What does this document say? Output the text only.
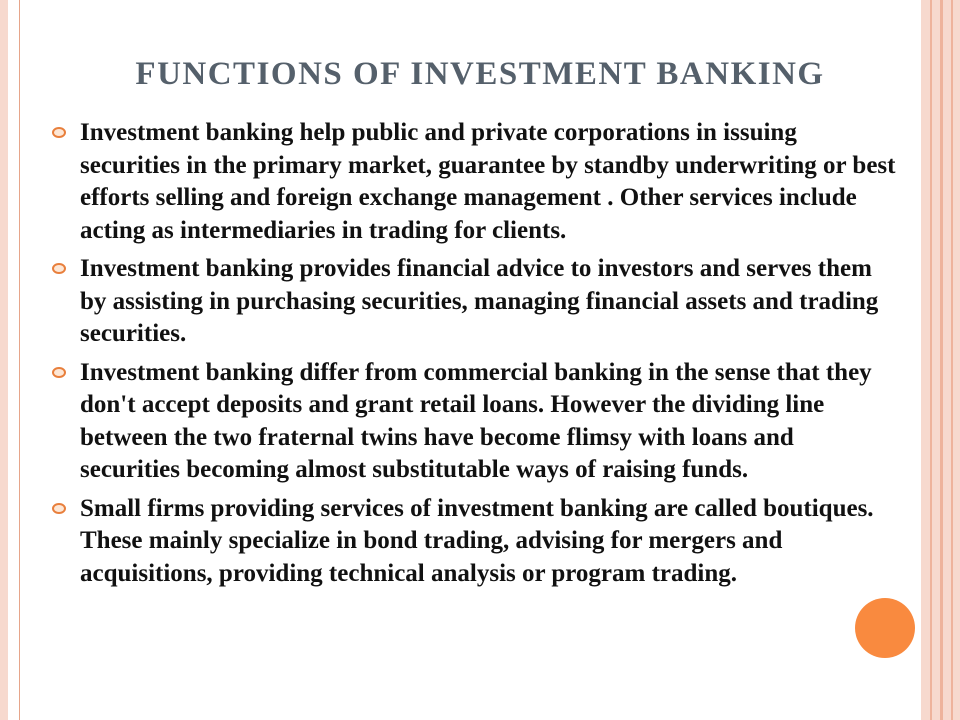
FUNCTIONS OF INVESTMENT BANKING
Investment banking help public and private corporations in issuing securities in the primary market, guarantee by standby underwriting or best efforts selling and foreign exchange management . Other services include acting as intermediaries in trading for clients.
Investment banking provides financial advice to investors and serves them by assisting in purchasing securities, managing financial assets and trading securities.
Investment banking differ from commercial banking in the sense that they don't accept deposits and grant retail loans. However the dividing line between the two fraternal twins have become flimsy with loans and securities becoming almost substitutable ways of raising funds.
Small firms providing services of investment banking are called boutiques. These mainly specialize in bond trading, advising for mergers and acquisitions, providing technical analysis or program trading.
